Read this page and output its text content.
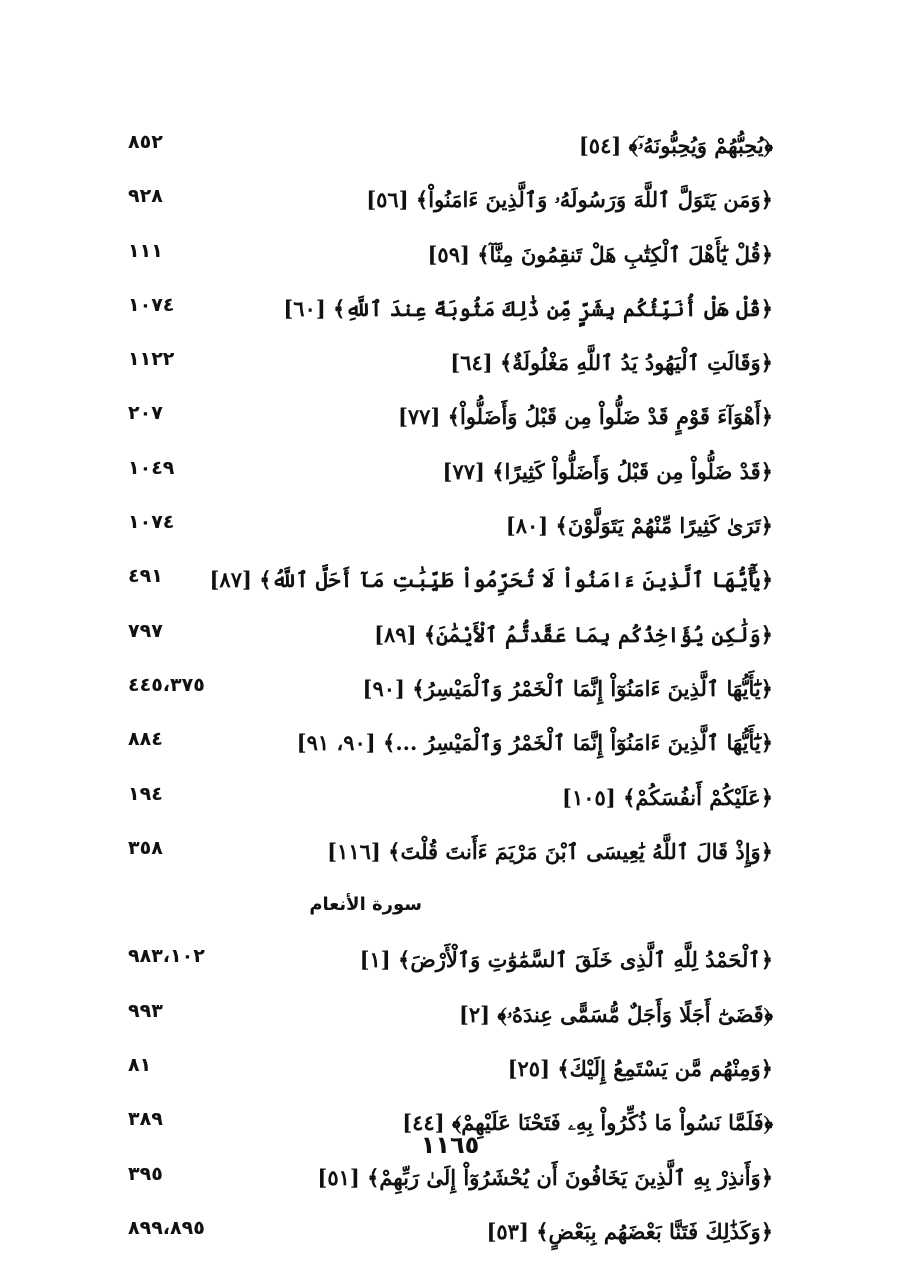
﴿يُحِبُّهُمْ وَيُحِبُّونَهُۥٓ﴾ [٥٤]
٨٥٢
﴿وَمَن يَتَوَلَّ ٱللَّهَ وَرَسُولَهُۥ وَٱلَّذِينَ ءَامَنُواْ﴾ [٥٦]
٩٢٨
﴿قُلْ يَٰٓأَهْلَ ٱلْكِتَٰبِ هَلْ تَنقِمُونَ مِنَّآ﴾ [٥٩]
١١١
﴿قُلْ هَلْ أُنَبِّئُكُم بِشَرٍّ مِّن ذَٰلِكَ مَثُوبَةً عِندَ ٱللَّهِ﴾ [٦٠]
١٠٧٤
﴿وَقَالَتِ ٱلْيَهُودُ يَدُ ٱللَّهِ مَغْلُولَةٌ﴾ [٦٤]
١١٢٢
﴿أَهْوَآءَ قَوْمٍ قَدْ ضَلُّواْ مِن قَبْلُ وَأَضَلُّواْ﴾ [٧٧]
٢٠٧
﴿قَدْ ضَلُّواْ مِن قَبْلُ وَأَضَلُّواْ كَثِيرًا﴾ [٧٧]
١٠٤٩
﴿تَرَىٰ كَثِيرًا مِّنْهُمْ يَتَوَلَّوْنَ﴾ [٨٠]
١٠٧٤
﴿يَٰٓأَيُّهَا ٱلَّذِينَ ءَامَنُواْ لَا تُحَرِّمُواْ طَيِّبَٰتِ مَآ أَحَلَّ ٱللَّهُ﴾ [٨٧]
٤٩١
﴿وَلَٰكِن يُؤَاخِذُكُم بِمَا عَقَّدتُّمُ ٱلْأَيْمَٰنَ﴾ [٨٩]
٧٩٧
﴿يَٰٓأَيُّهَا ٱلَّذِينَ ءَامَنُوٓاْ إِنَّمَا ٱلْخَمْرُ وَٱلْمَيْسِرُ﴾ [٩٠]
٤٤٥،٣٧٥
﴿يَٰٓأَيُّهَا ٱلَّذِينَ ءَامَنُوٓاْ إِنَّمَا ٱلْخَمْرُ وَٱلْمَيْسِرُ ...﴾ [٩٠، ٩١]
٨٨٤
﴿عَلَيْكُمْ أَنفُسَكُمْ﴾ [١٠٥]
١٩٤
﴿وَإِذْ قَالَ ٱللَّهُ يَٰعِيسَى ٱبْنَ مَرْيَمَ ءَأَنتَ قُلْتَ﴾ [١١٦]
٣٥٨
سورة الأنعام
﴿ٱلْحَمْدُ لِلَّهِ ٱلَّذِى خَلَقَ ٱلسَّمَٰوَٰتِ وَٱلْأَرْضَ﴾ [١]
٩٨٣،١٠٢
﴿قَضَىٰٓ أَجَلًا وَأَجَلٌ مُّسَمًّى عِندَهُۥ﴾ [٢]
٩٩٣
﴿وَمِنْهُم مَّن يَسْتَمِعُ إِلَيْكَ﴾ [٢٥]
٨١
﴿فَلَمَّا نَسُواْ مَا ذُكِّرُواْ بِهِۦ فَتَحْنَا عَلَيْهِمْ﴾ [٤٤]
٣٨٩
﴿وَأَنذِرْ بِهِ ٱلَّذِينَ يَخَافُونَ أَن يُحْشَرُوٓاْ إِلَىٰ رَبِّهِمْ﴾ [٥١]
٣٩٥
﴿وَكَذَٰلِكَ فَتَنَّا بَعْضَهُم بِبَعْضٍ﴾ [٥٣]
٨٩٩،٨٩٥
١١٦٥
